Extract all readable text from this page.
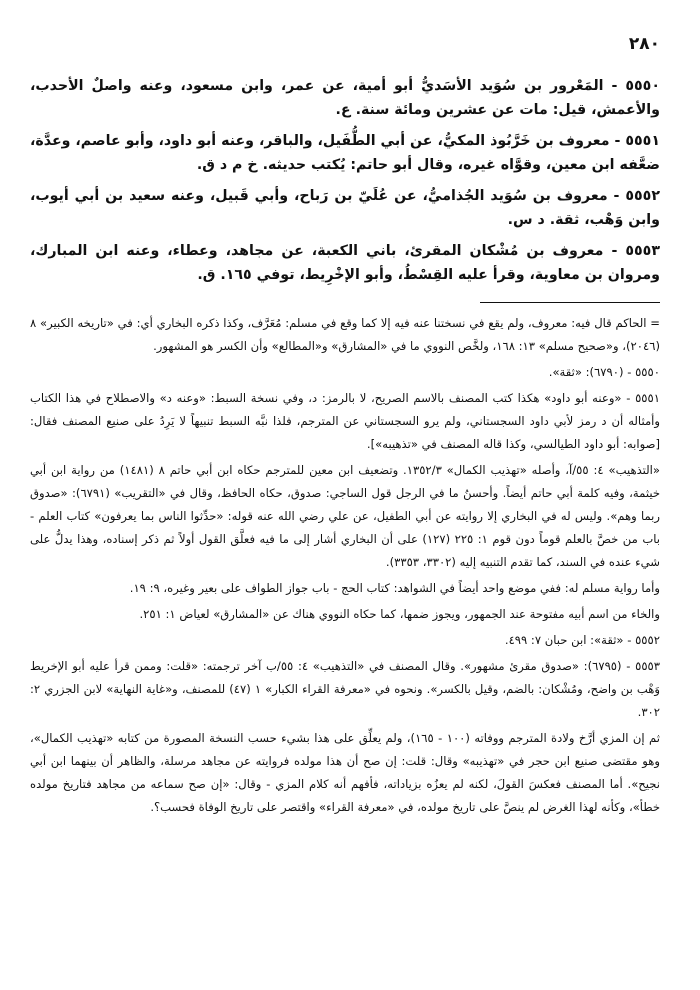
٢٨٠

٥٥٥٠ - المَعْرور بن سُوَيد الأسَديُّ أبو أمية، عن عمر، وابن مسعود، وعنه واصلٌ الأحدب، والأعمش، قيل: مات عن عشرين ومائة سنة. ع.

٥٥٥١ - معروف بن خَرَّبُوذ المكيُّ، عن أبي الطُّفَيل، والباقر، وعنه أبو داود، وأبو عاصم، وعدَّة، ضعَّفه ابن معين، وقوَّاه غيره، وقال أبو حاتم: يُكتب حديثه. خ م د ق.

٥٥٥٢ - معروف بن سُوَيد الجُذاميُّ، عن عُلَيّ بن رَباح، وأبي قَبيل، وعنه سعيد بن أبي أيوب، وابن وَهْب، ثقة. د س.

٥٥٥٣ - معروف بن مُشْكان المقرئ، باني الكعبة، عن مجاهد، وعطاء، وعنه ابن المبارك، ومروان بن معاوية، وقرأ عليه القِسْطُ، وأبو الإخْرِيط، توفي ١٦٥. ق.

= الحاكم قال فيه: معروف، ولم يقع في نسختنا عنه فيه إلا كما وقع في مسلم: مُعَرَّف، وكذا ذكره البخاري أي: في «تاريخه الكبير» ٨ (٢٠٤٦)، و«صحيح مسلم» ١٣: ١٦٨، ولخَّص النووي ما في «المشارق» و«المطالع» وأن الكسر هو المشهور.

٥٥٥٠ - (٦٧٩٠): «ثقة».

٥٥٥١ - «وعنه أبو داود» هكذا كتب المصنف بالاسم الصريح، لا بالرمز: د، وفي نسخة السبط: «وعنه د» والاصطلاح في هذا الكتاب وأمثاله أن د رمز لأبي داود السجستاني، ولم يرو السجستاني عن المترجم، فلذا نبَّه السبط تنبيهاً لا يَرِدُ على صنيع المصنف فقال: [صوابه: أبو داود الطيالسي، وكذا قاله المصنف في «تذهيبه»].

«التذهيب» ٤: ٥٥/آ، وأصله «تهذيب الكمال» ١٣٥٢/٣. وتضعيف ابن معين للمترجم حكاه ابن أبي حاتم ٨ (١٤٨١) من رواية ابن أبي خيثمة، وفيه كلمة أبي حاتم أيضاً. وأحسنُ ما في الرجل قول الساجي: صدوق، حكاه الحافظ، وقال في «التقريب» (٦٧٩١): «صدوق ربما وهم». وليس له في البخاري إلا روايته عن أبي الطفيل، عن علي رضي الله عنه قوله: «حدِّثوا الناس بما يعرفون» كتاب العلم - باب من خصَّ بالعلم قوماً دون قوم ١: ٢٢٥ (١٢٧) على أن البخاري أشار إلى ما فيه فعلَّق القول أولاً ثم ذكر إسناده، وهذا يدلُّ على شيء عنده في السند، كما تقدم التنبيه إليه (٣٣٠٢، ٣٣٥٣).

وأما رواية مسلم له: ففي موضع واحد أيضاً في الشواهد: كتاب الحج - باب جواز الطواف على بعير وغيره، ٩: ١٩.

والخاء من اسم أبيه مفتوحة عند الجمهور، ويجوز ضمها، كما حكاه النووي هناك عن «المشارق» لعياض ١: ٢٥١.

٥٥٥٢ - «ثقة»: ابن حبان ٧: ٤٩٩.

٥٥٥٣ - (٦٧٩٥): «صدوق مقرئ مشهور». وقال المصنف في «التذهيب» ٤: ٥٥/ب آخر ترجمته: «قلت: وممن قرأ عليه أبو الإخريط وَهْب بن واضح، ومُشْكان: بالضم، وقيل بالكسر». ونحوه في «معرفة القراء الكبار» ١ (٤٧) للمصنف، و«غاية النهاية» لابن الجزري ٢: ٣٠٢.

ثم إن المزي أرَّخ ولادة المترجم ووفاته (١٠٠ - ١٦٥)، ولم يعلِّق على هذا بشيء حسب النسخة المصورة من كتابه «تهذيب الكمال»، وهو مقتضى صنيع ابن حجر في «تهذيبه» وقال: قلت: إن صح أن هذا مولده فروايته عن مجاهد مرسلة، والظاهر أن بينهما ابن أبي نجيح». أما المصنف فعكسَ القولَ، لكنه لم يعزُه بزياداته، فأفهم أنه كلام المزي - وقال: «إن صح سماعه من مجاهد فتاريخ مولده خطأ»، وكأنه لهذا الغرض لم ينصَّ على تاريخ مولده، في «معرفة القراء» واقتصر على تاريخ الوفاة فحسب؟.
